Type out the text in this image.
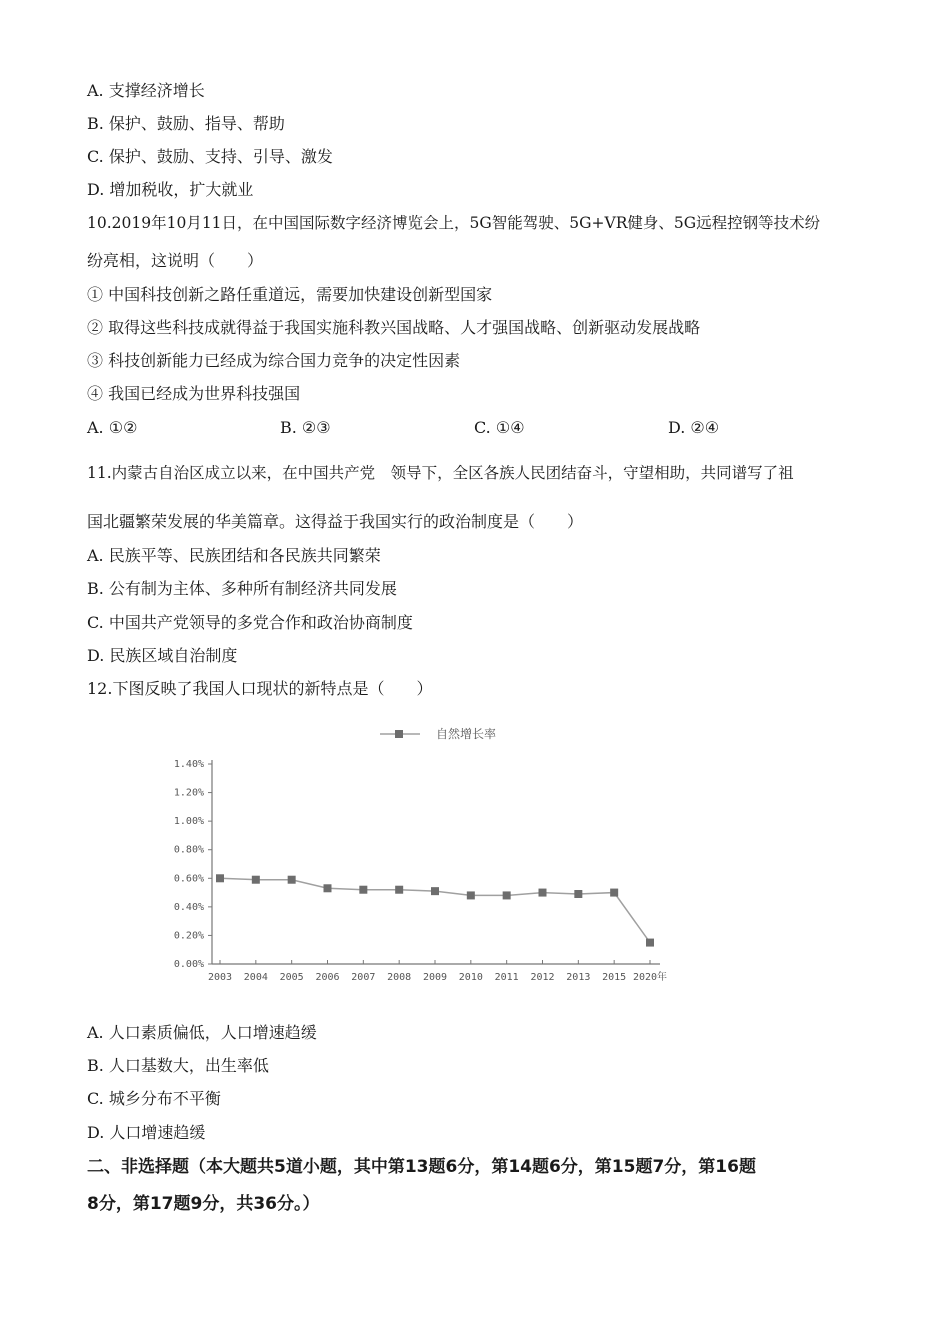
A. 支撑经济增长
B. 保护、鼓励、指导、帮助
C. 保护、鼓励、支持、引导、激发
D. 增加税收，扩大就业
10.2019年10月11日，在中国国际数字经济博览会上，5G智能驾驶、5G+VR健身、5G远程控钢等技术纷
纷亮相，这说明（　　）
① 中国科技创新之路任重道远，需要加快建设创新型国家
② 取得这些科技成就得益于我国实施科教兴国战略、人才强国战略、创新驱动发展战略
③ 科技创新能力已经成为综合国力竞争的决定性因素
④ 我国已经成为世界科技强国
A. ①②	B. ②③	C. ①④	D. ②④
11.内蒙古自治区成立以来，在中国共产党　领导下，全区各族人民团结奋斗，守望相助，共同谱写了祖
国北疆繁荣发展的华美篇章。这得益于我国实行的政治制度是（　　）
A. 民族平等、民族团结和各民族共同繁荣
B. 公有制为主体、多种所有制经济共同发展
C. 中国共产党领导的多党合作和政治协商制度
D. 民族区域自治制度
12.下图反映了我国人口现状的新特点是（　　）
自然增长率
0.00%
0.20%
0.40%
0.60%
0.80%
1.00%
1.20%
1.40%
2003 2004 2005 2006 2007 2008 2009 2010 2011 2012 2013 2015 2020年
A. 人口素质偏低，人口增速趋缓
B. 人口基数大，出生率低
C. 城乡分布不平衡
D. 人口增速趋缓
二、非选择题（本大题共5道小题，其中第13题6分，第14题6分，第15题7分，第16题
8分，第17题9分，共36分。）
